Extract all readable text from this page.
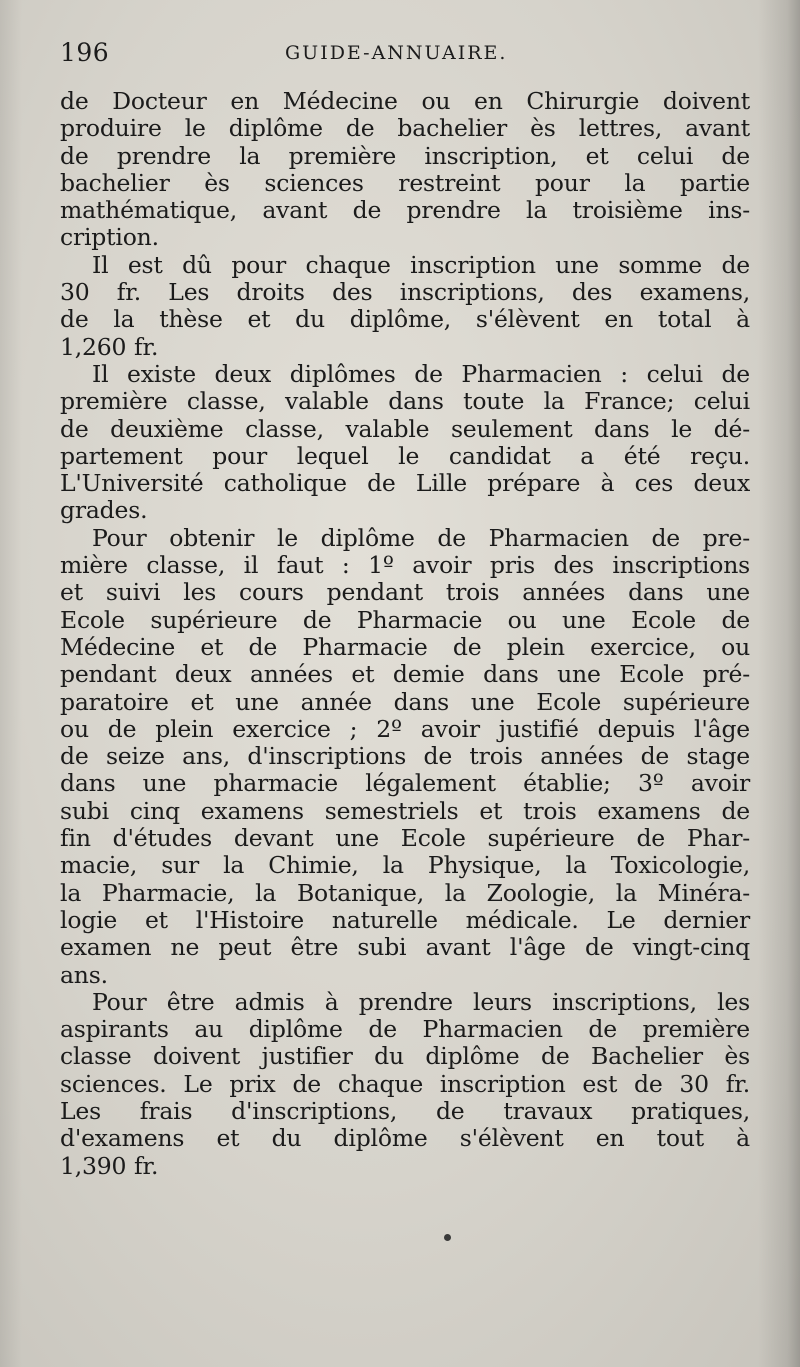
196	GUIDE-ANNUAIRE.
de Docteur en Médecine ou en Chirurgie doivent
produire le diplôme de bachelier ès lettres, avant
de prendre la première inscription, et celui de
bachelier ès sciences restreint pour la partie
mathématique, avant de prendre la troisième ins-
cription.
Il est dû pour chaque inscription une somme de
30 fr. Les droits des inscriptions, des examens,
de la thèse et du diplôme, s'élèvent en total à
1,260 fr.
Il existe deux diplômes de Pharmacien : celui de
première classe, valable dans toute la France; celui
de deuxième classe, valable seulement dans le dé-
partement pour lequel le candidat a été reçu.
L'Université catholique de Lille prépare à ces deux
grades.
Pour obtenir le diplôme de Pharmacien de pre-
mière classe, il faut : 1º avoir pris des inscriptions
et suivi les cours pendant trois années dans une
Ecole supérieure de Pharmacie ou une Ecole de
Médecine et de Pharmacie de plein exercice, ou
pendant deux années et demie dans une Ecole pré-
paratoire et une année dans une Ecole supérieure
ou de plein exercice ; 2º avoir justifié depuis l'âge
de seize ans, d'inscriptions de trois années de stage
dans une pharmacie légalement établie; 3º avoir
subi cinq examens semestriels et trois examens de
fin d'études devant une Ecole supérieure de Phar-
macie, sur la Chimie, la Physique, la Toxicologie,
la Pharmacie, la Botanique, la Zoologie, la Minéra-
logie et l'Histoire naturelle médicale. Le dernier
examen ne peut être subi avant l'âge de vingt-cinq
ans.
Pour être admis à prendre leurs inscriptions, les
aspirants au diplôme de Pharmacien de première
classe doivent justifier du diplôme de Bachelier ès
sciences. Le prix de chaque inscription est de 30 fr.
Les frais d'inscriptions, de travaux pratiques,
d'examens et du diplôme s'élèvent en tout à
1,390 fr.
